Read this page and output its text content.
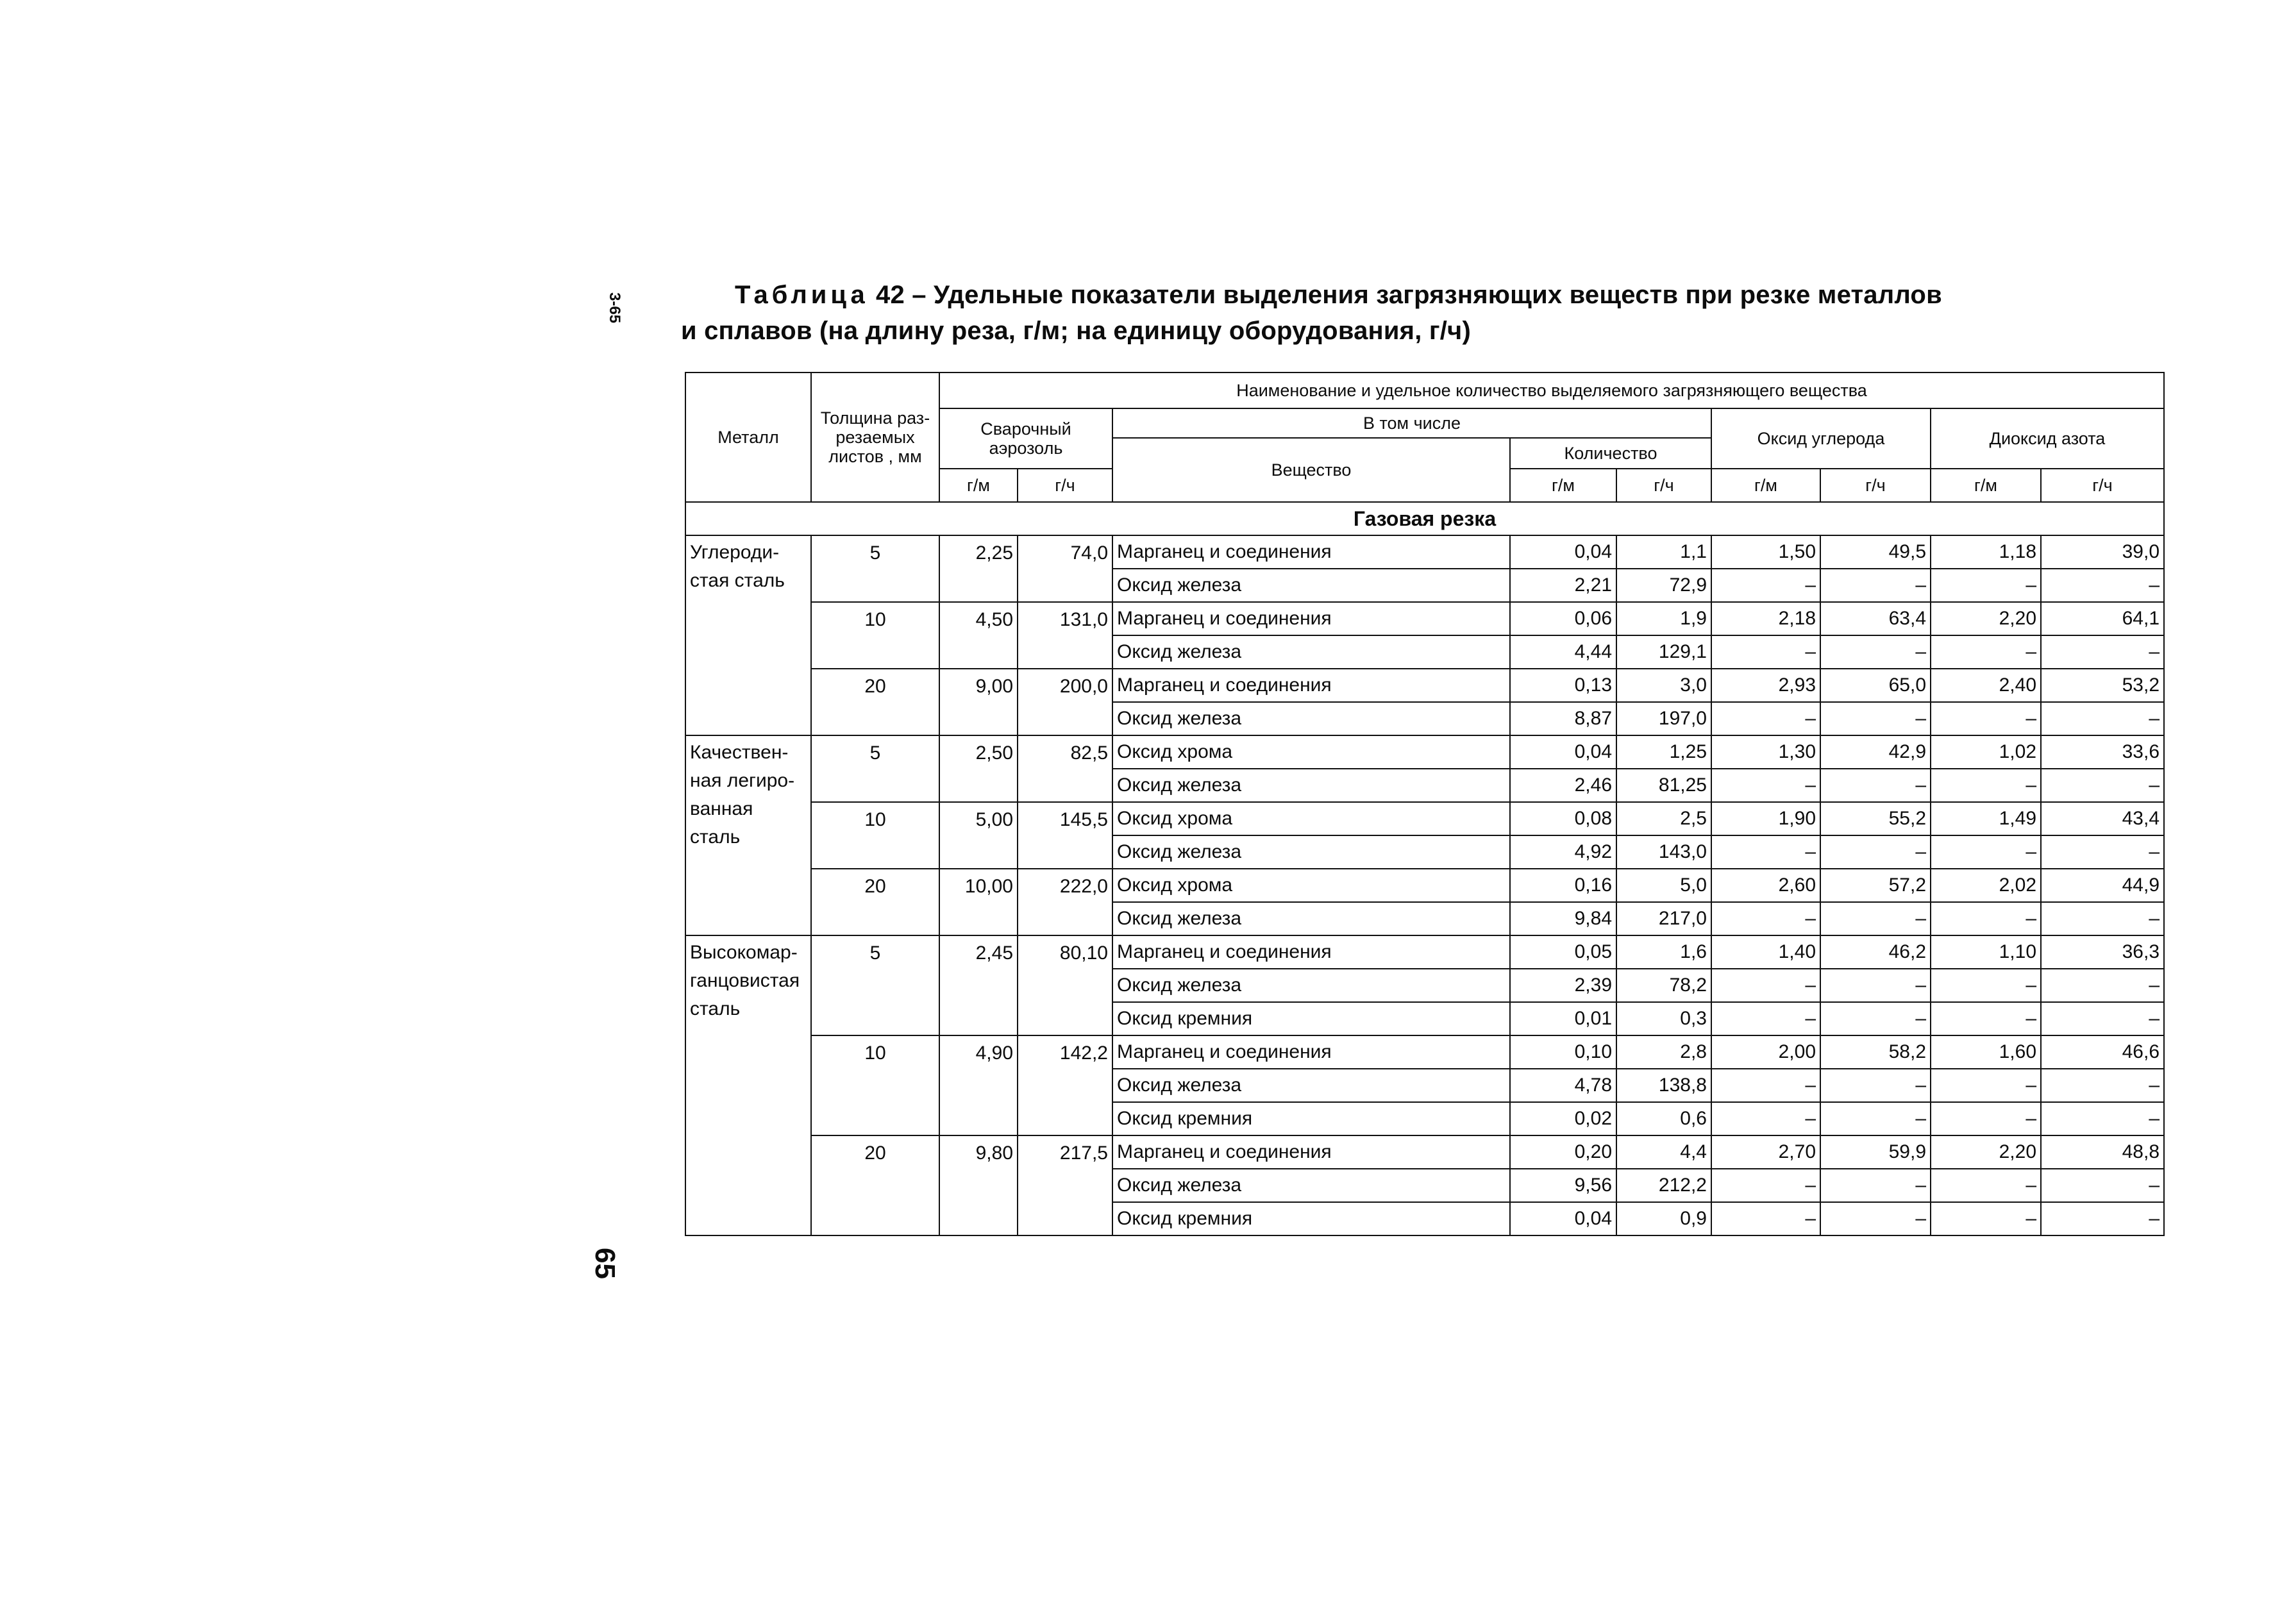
3-65
65
Таблица 42 – Удельные показатели выделения загрязняющих веществ при резке металлов
и сплавов (на длину реза, г/м; на единицу оборудования, г/ч)
Металл	Толщина раз-резаемых листов , мм	Наименование и удельное количество выделяемого загрязняющего вещества								
		Сварочный аэрозоль		В том числе			Оксид углерода		Диоксид азота	
				Вещество	Количество					
		г/м	г/ч		г/м	г/ч	г/м	г/ч	г/м	г/ч
Газовая резка										
Углероди-стая сталь	5	2,25	74,0	Марганец и соединения	0,04	1,1	1,50	49,5	1,18	39,0
				Оксид железа	2,21	72,9	–	–	–	–
	10	4,50	131,0	Марганец и соединения	0,06	1,9	2,18	63,4	2,20	64,1
				Оксид железа	4,44	129,1	–	–	–	–
	20	9,00	200,0	Марганец и соединения	0,13	3,0	2,93	65,0	2,40	53,2
				Оксид железа	8,87	197,0	–	–	–	–
Качествен-ная легиро-ванная сталь	5	2,50	82,5	Оксид хрома	0,04	1,25	1,30	42,9	1,02	33,6
				Оксид железа	2,46	81,25	–	–	–	–
	10	5,00	145,5	Оксид хрома	0,08	2,5	1,90	55,2	1,49	43,4
				Оксид железа	4,92	143,0	–	–	–	–
	20	10,00	222,0	Оксид хрома	0,16	5,0	2,60	57,2	2,02	44,9
				Оксид железа	9,84	217,0	–	–	–	–
Высокомар-ганцовистая сталь	5	2,45	80,10	Марганец и соединения	0,05	1,6	1,40	46,2	1,10	36,3
				Оксид железа	2,39	78,2	–	–	–	–
				Оксид кремния	0,01	0,3	–	–	–	–
	10	4,90	142,2	Марганец и соединения	0,10	2,8	2,00	58,2	1,60	46,6
				Оксид железа	4,78	138,8	–	–	–	–
				Оксид кремния	0,02	0,6	–	–	–	–
	20	9,80	217,5	Марганец и соединения	0,20	4,4	2,70	59,9	2,20	48,8
				Оксид железа	9,56	212,2	–	–	–	–
				Оксид кремния	0,04	0,9	–	–	–	–
